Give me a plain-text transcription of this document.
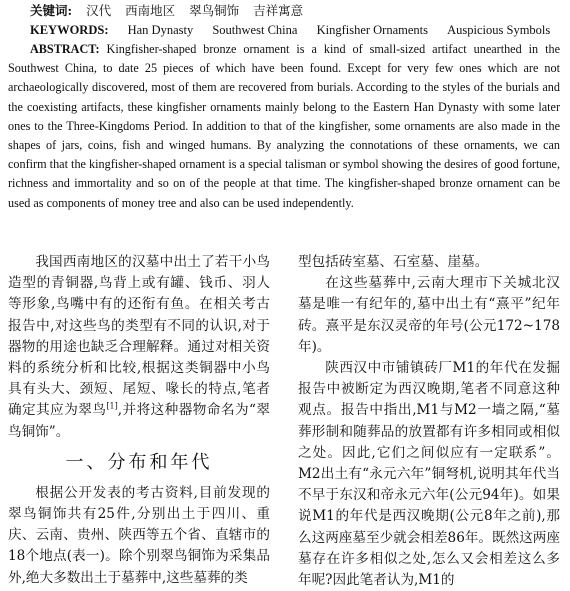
关键词: 汉代 西南地区 翠鸟铜饰 吉祥寓意
KEYWORDS: Han Dynasty Southwest China Kingfisher Ornaments Auspicious Symbols
ABSTRACT: Kingfisher-shaped bronze ornament is a kind of small-sized artifact unearthed in the Southwest China, to date 25 pieces of which have been found. Except for very few ones which are not archaeologically discovered, most of them are recovered from burials. According to the styles of the burials and the coexisting artifacts, these kingfisher ornaments mainly belong to the Eastern Han Dynasty with some later ones to the Three-Kingdoms Period. In addition to that of the kingfisher, some ornaments are also made in the shapes of jars, coins, fish and winged humans. By analyzing the connotations of these ornaments, we can confirm that the kingfisher-shaped ornament is a special talisman or symbol showing the desires of good fortune, richness and immortality and so on of the people at that time. The kingfisher-shaped bronze ornament can be used as components of money tree and also can be used independently.

我国西南地区的汉墓中出土了若干小鸟造型的青铜器,鸟背上或有罐、钱币、羽人等形象,鸟嘴中有的还衔有鱼。在相关考古报告中,对这些鸟的类型有不同的认识,对于器物的用途也缺乏合理解释。通过对相关资料的系统分析和比较,根据这类铜器中小鸟具有头大、颈短、尾短、喙长的特点,笔者确定其应为翠鸟[1],并将这种器物命名为“翠鸟铜饰”。

一、分布和年代

根据公开发表的考古资料,目前发现的翠鸟铜饰共有25件,分别出土于四川、重庆、云南、贵州、陕西等五个省、直辖市的18个地点(表一)。除个别翠鸟铜饰为采集品外,绝大多数出土于墓葬中,这些墓葬的类

型包括砖室墓、石室墓、崖墓。

在这些墓葬中,云南大理市下关城北汉墓是唯一有纪年的,墓中出土有“熹平”纪年砖。熹平是东汉灵帝的年号(公元172~178年)。

陕西汉中市铺镇砖厂M1的年代在发掘报告中被断定为西汉晚期,笔者不同意这种观点。报告中指出,M1与M2一墙之隔,“墓葬形制和随葬品的放置都有许多相同或相似之处。因此,它们之间似应有一定联系”。M2出土有“永元六年”铜弩机,说明其年代当不早于东汉和帝永元六年(公元94年)。如果说M1的年代是西汉晚期(公元8年之前),那么这两座墓至少就会相差86年。既然这两座墓存在许多相似之处,怎么又会相差这么多年呢?因此笔者认为,M1的
